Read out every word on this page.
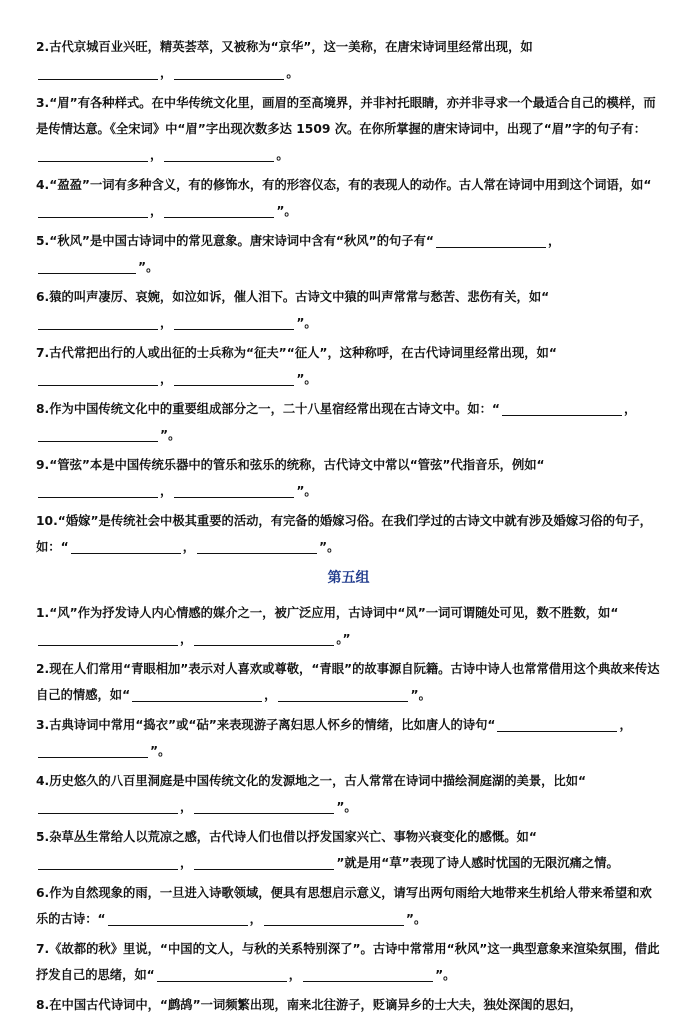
2.古代京城百业兴旺，精英荟萃，又被称为“京华”，这一美称，在唐宋诗词里经常出现，如
，	。

3.“眉”有各种样式。在中华传统文化里，画眉的至高境界，并非衬托眼睛，亦并非寻求一个最适合自己的模样，而是传情达意。《全宋词》中“眉”字出现次数多达 1509 次。在你所掌握的唐宋诗词中，出现了“眉”字的句子有：，	。

4.“盈盈”一词有多种含义，有的修饰水，有的形容仪态，有的表现人的动作。古人常在诗词中用到这个词语，如“，	”。

5.“秋风”是中国古诗词中的常见意象。唐宋诗词中含有“秋风”的句子有“	，
”。

6.猿的叫声凄厉、哀婉，如泣如诉，催人泪下。古诗文中猿的叫声常常与愁苦、悲伤有关，如“，	”。

7.古代常把出行的人或出征的士兵称为“征夫”“征人”，这种称呼，在古代诗词里经常出现，如“，	”。

8.作为中国传统文化中的重要组成部分之一，二十八星宿经常出现在古诗文中。如：“	，”。

9.“管弦”本是中国传统乐器中的管乐和弦乐的统称，古代诗文中常以“管弦”代指音乐，例如“，	”。

10.“婚嫁”是传统社会中极其重要的活动，有完备的婚嫁习俗。在我们学过的古诗文中就有涉及婚嫁习俗的句子，如：“	，	”。

第五组

1.“风”作为抒发诗人内心情感的媒介之一，被广泛应用，古诗词中“风”一词可谓随处可见，数不胜数，如“，	。”

2.现在人们常用“青眼相加”表示对人喜欢或尊敬，“青眼”的故事源自阮籍。古诗中诗人也常常借用这个典故来传达自己的情感，如“	，	”。

3.古典诗词中常用“捣衣”或“砧”来表现游子离妇思人怀乡的情绪，比如唐人的诗句“	，”。

4.历史悠久的八百里洞庭是中国传统文化的发源地之一，古人常常在诗词中描绘洞庭湖的美景，比如“，	”。

5.杂草丛生常给人以荒凉之感，古代诗人们也借以抒发国家兴亡、事物兴衰变化的感慨。如“，	”就是用“草”表现了诗人感时忧国的无限沉痛之情。

6.作为自然现象的雨，一旦进入诗歌领域，便具有思想启示意义，请写出两句雨给大地带来生机给人带来希望和欢乐的古诗：“	，	”。

7.《故都的秋》里说，“中国的文人，与秋的关系特别深了”。古诗中常常用“秋风”这一典型意象来渲染氛围，借此抒发自己的思绪，如“	，	”。

8.在中国古代诗词中，“鹧鸪”一词频繁出现，南来北往游子，贬谪异乡的士大夫，独处深闺的思妇，
